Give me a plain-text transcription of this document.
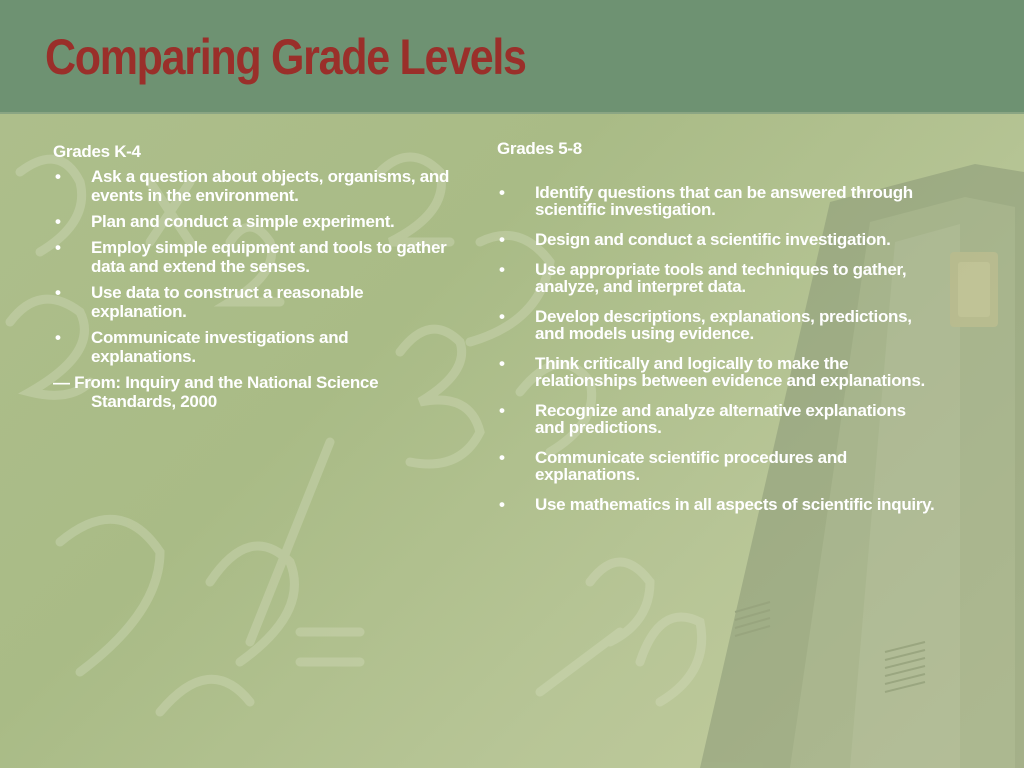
Comparing Grade Levels
Grades K-4
• Ask a question about objects, organisms, and events in the environment.
• Plan and conduct a simple experiment.
• Employ simple equipment and tools to gather data and extend the senses.
• Use data to construct a reasonable explanation.
• Communicate investigations and explanations.
— From: Inquiry and the National Science Standards, 2000
Grades 5-8
• Identify questions that can be answered through scientific investigation.
• Design and conduct a scientific investigation.
• Use appropriate tools and techniques to gather, analyze, and interpret data.
• Develop descriptions, explanations, predictions, and models using evidence.
• Think critically and logically to make the relationships between evidence and explanations.
• Recognize and analyze alternative explanations and predictions.
• Communicate scientific procedures and explanations.
• Use mathematics in all aspects of scientific inquiry.
